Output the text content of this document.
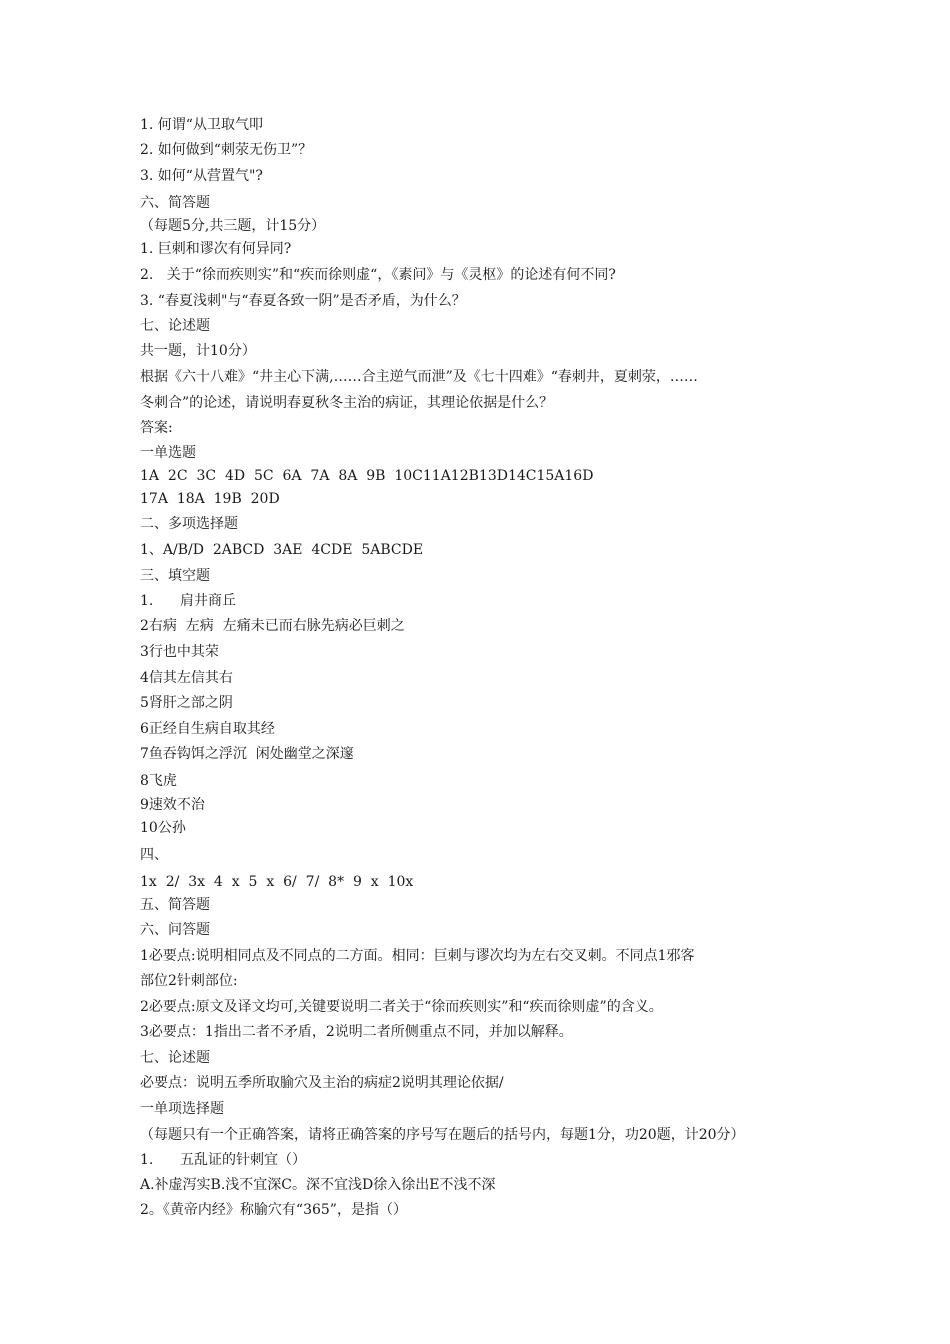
1. 何谓“从卫取气叩
2. 如何做到“刺荥无伤卫”？
3. 如何“从营置气"?
六、简答题
（每题5分,共三题，计15分）
1. 巨刺和谬次有何异同?
2.   关于“徐而疾则实”和“疾而徐则虚“，《素问》与《灵枢》的论述有何不同?
3. “春夏浅刺"与“春夏各致一阴”是否矛盾，为什么？
七、论述题
共一题，计10分）
根据《六十八难》“井主心下满,……合主逆气而泄”及《七十四难》“春刺井，夏刺荥，……
冬刺合”的论述，请说明春夏秋冬主治的病证，其理论依据是什么？
答案:
一单选题
1A  2C  3C  4D  5C  6A  7A  8A  9B  10C11A12B13D14C15A16D
17A  18A  19B  20D
二、多项选择题
1、A/B/D  2ABCD  3AE  4CDE  5ABCDE
三、填空题
1.      肩井商丘
2右病  左病  左痛未已而右脉先病必巨刺之
3行也中其荣
4信其左信其右
5肾肝之部之阴
6正经自生病自取其经
7鱼吞钩饵之浮沉  闲处幽堂之深邃
8飞虎
9速效不治
10公孙
四、
1x  2/  3x  4  x  5  x  6/  7/  8*  9  x  10x
五、简答题
六、问答题
1必要点:说明相同点及不同点的二方面。相同：巨刺与谬次均为左右交叉刺。不同点1邪客
部位2针刺部位:
2必要点:原文及译文均可,关键要说明二者关于“徐而疾则实”和“疾而徐则虚”的含义。
3必要点：1指出二者不矛盾，2说明二者所侧重点不同，并加以解释。
七、论述题
必要点：说明五季所取腧穴及主治的病症2说明其理论依据/
一单项选择题
（每题只有一个正确答案，请将正确答案的序号写在题后的括号内，每题1分，功20题，计20分）
1.      五乱证的针刺宜（）
A.补虚泻实B.浅不宜深C。深不宜浅D徐入徐出E不浅不深
2。《黄帝内经》称腧穴有“365”，是指（）
